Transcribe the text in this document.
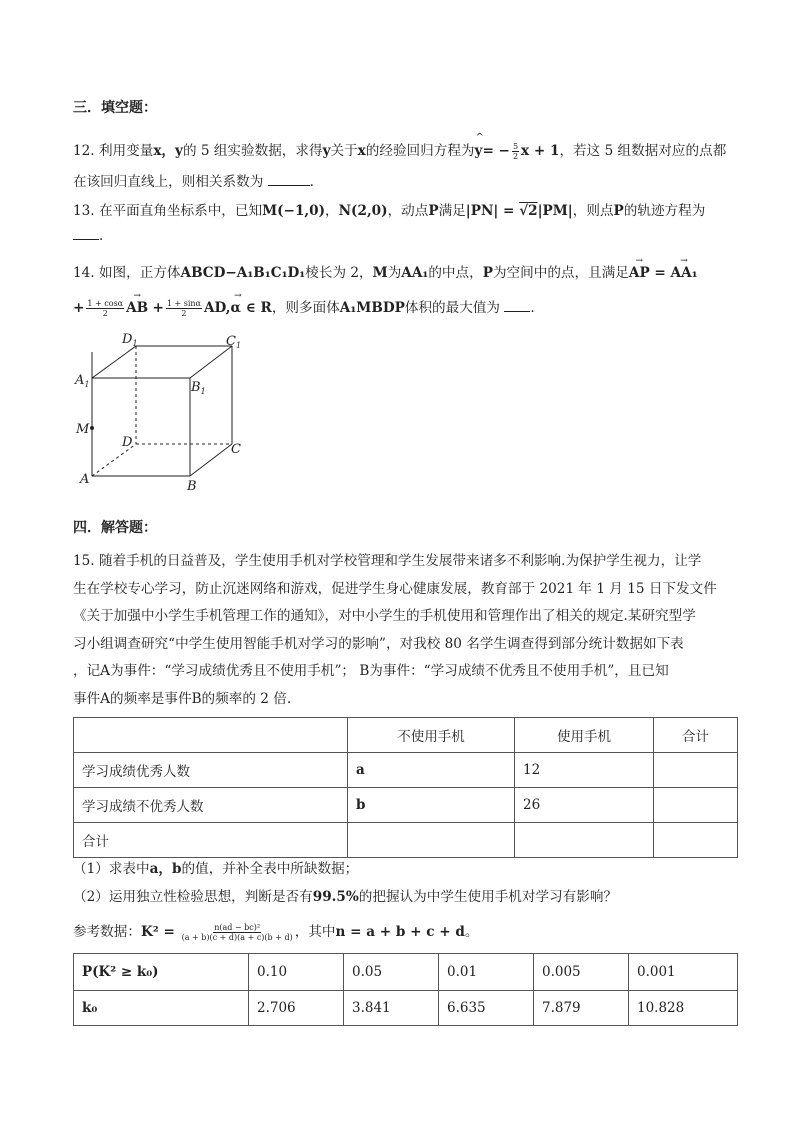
三．填空题：
12. 利用变量x，y的 5 组实验数据，求得y关于x的经验回归方程为^ $y= - \frac{5}{2}$ x + 1，若这 5 组数据对应的点都
在该回归直线上，则相关系数为	.
13. 在平面直角坐标系中，已知M(−1,0)，N(2,0)，动点P满足|PN| = √2|PM|，则点P的轨迹方程为
.
14. 如图，正方体ABCD−A₁B₁C₁D₁棱长为 2，M为AA₁的中点，P为空间中的点，且满足→ AP = → AA₁
+ $\frac{1 + \cos\alpha}{2}$ → AB + $\frac{1 + \sin\alpha}{2} \to AD,\alpha$ ∈ R，则多面体A₁MBDP体积的最大值为 .
$D_1$	$C_1$
$A_1$	$B_1$
M
D	C
A	B
四．解答题：
15. 随着手机的日益普及，学生使用手机对学校管理和学生发展带来诸多不利影响.为保护学生视力，让学
生在学校专心学习，防止沉迷网络和游戏，促进学生身心健康发展，教育部于 2021 年 1 月 15 日下发文件
《关于加强中小学生手机管理工作的通知》，对中小学生的手机使用和管理作出了相关的规定.某研究型学
习小组调查研究“中学生使用智能手机对学习的影响”，对我校 80 名学生调查得到部分统计数据如下表
，记A为事件：“学习成绩优秀且不使用手机”； B为事件：“学习成绩不优秀且不使用手机”，且已知
事件A的频率是事件B的频率的 2 倍.
	不使用手机	使用手机	合计
学习成绩优秀人数	a	12	
学习成绩不优秀人数	b	26	
合计			
（1）求表中a，b的值，并补全表中所缺数据；
（2）运用独立性检验思想，判断是否有99.5%的把握认为中学生使用手机对学习有影响？
参考数据：$K^2 = \frac{\text{n(ad − bc)²}}{(a + b)(c + d)(a + c)(b + d)}$ ，其中n = a + b + c + d。
P(K² ≥ k₀)	0.10	0.05	0.01	0.005	0.001
k₀	2.706	3.841	6.635	7.879	10.828
